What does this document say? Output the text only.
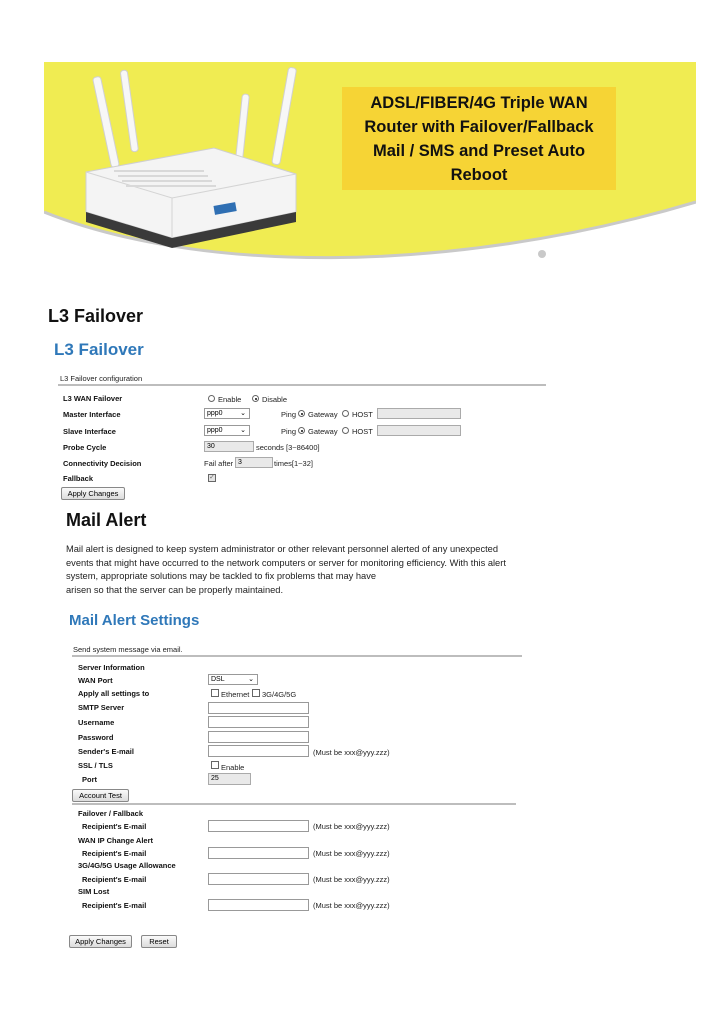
ADSL/FIBER/4G Triple WAN Router with Failover/Fallback Mail / SMS and Preset Auto Reboot
L3 Failover
L3 Failover
L3 Failover configuration
L3 WAN Failover	Enable	Disable
Master Interface	ppp0	⌄	Ping Gateway HOST
Slave Interface	ppp0	⌄	Ping Gateway HOST
Probe Cycle	30	seconds [3~86400]
Connectivity Decision	Fail after 3	times[1~32]
Fallback	✓
Apply Changes
Mail Alert
Mail alert is designed to keep system administrator or other relevant personnel alerted of any unexpected
events that might have occurred to the network computers or server for monitoring efficiency. With this alert
system, appropriate solutions may be tackled to fix problems that may have
arisen so that the server can be properly maintained.
Mail Alert Settings
Send system message via email.
Server Information
WAN Port	DSL	⌄
Apply all settings to	Ethernet 3G/4G/5G
SMTP Server
Username
Password
Sender's E-mail	(Must be xxx@yyy.zzz)
SSL / TLS	Enable
Port	25
Account Test
Failover / Fallback
Recipient's E-mail	(Must be xxx@yyy.zzz)
WAN IP Change Alert
Recipient's E-mail	(Must be xxx@yyy.zzz)
3G/4G/5G Usage Allowance
Recipient's E-mail	(Must be xxx@yyy.zzz)
SIM Lost
Recipient's E-mail	(Must be xxx@yyy.zzz)
Apply Changes	Reset
